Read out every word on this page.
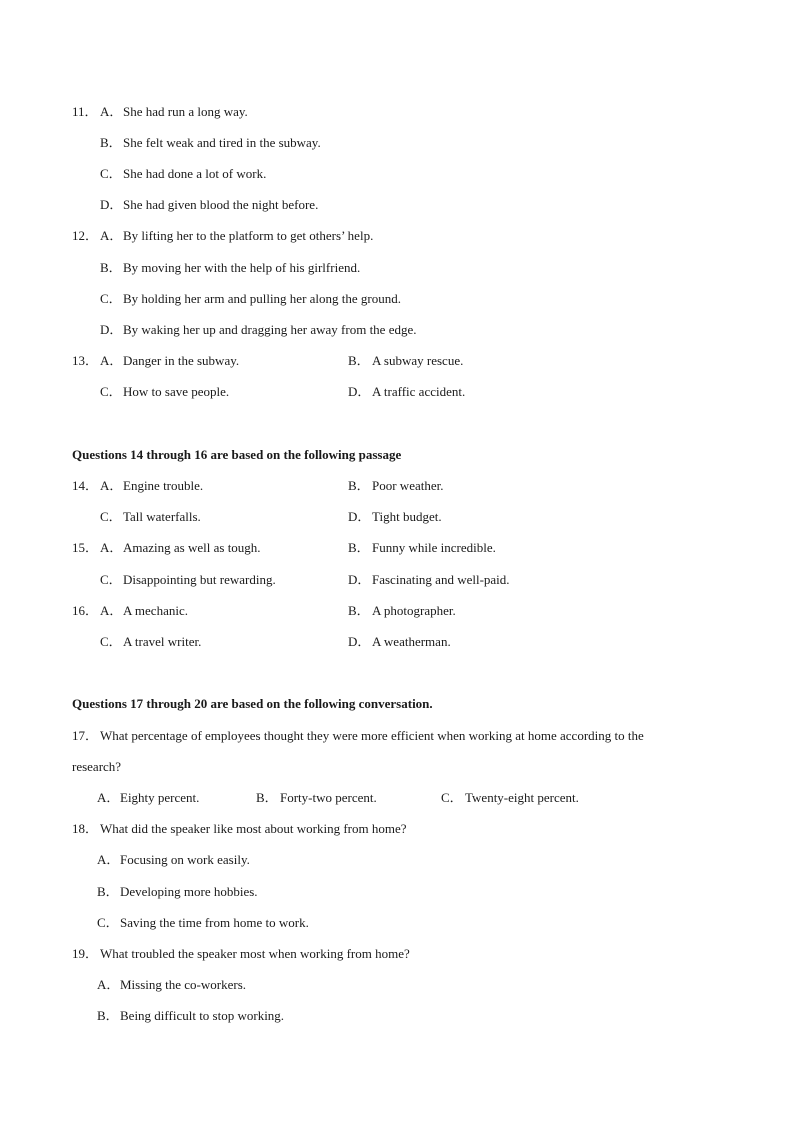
11． A． She had run a long way.
B． She felt weak and tired in the subway.
C． She had done a lot of work.
D． She had given blood the night before.
12． A． By lifting her to the platform to get others’ help.
B． By moving her with the help of his girlfriend.
C． By holding her arm and pulling her along the ground.
D． By waking her up and dragging her away from the edge.
13． A． Danger in the subway.	B． A subway rescue.
C． How to save people.	D． A traffic accident.
Questions 14 through 16 are based on the following passage
14． A． Engine trouble.	B． Poor weather.
C． Tall waterfalls.	D． Tight budget.
15． A． Amazing as well as tough.	B． Funny while incredible.
C． Disappointing but rewarding.	D． Fascinating and well-paid.
16． A． A mechanic.	B． A photographer.
C． A travel writer.	D． A weatherman.
Questions 17 through 20 are based on the following conversation.
17． What percentage of employees thought they were more efficient when working at home according to the
research?
A． Eighty percent.	B． Forty-two percent.	C． Twenty-eight percent.
18． What did the speaker like most about working from home?
A． Focusing on work easily.
B． Developing more hobbies.
C． Saving the time from home to work.
19． What troubled the speaker most when working from home?
A． Missing the co-workers.
B． Being difficult to stop working.
